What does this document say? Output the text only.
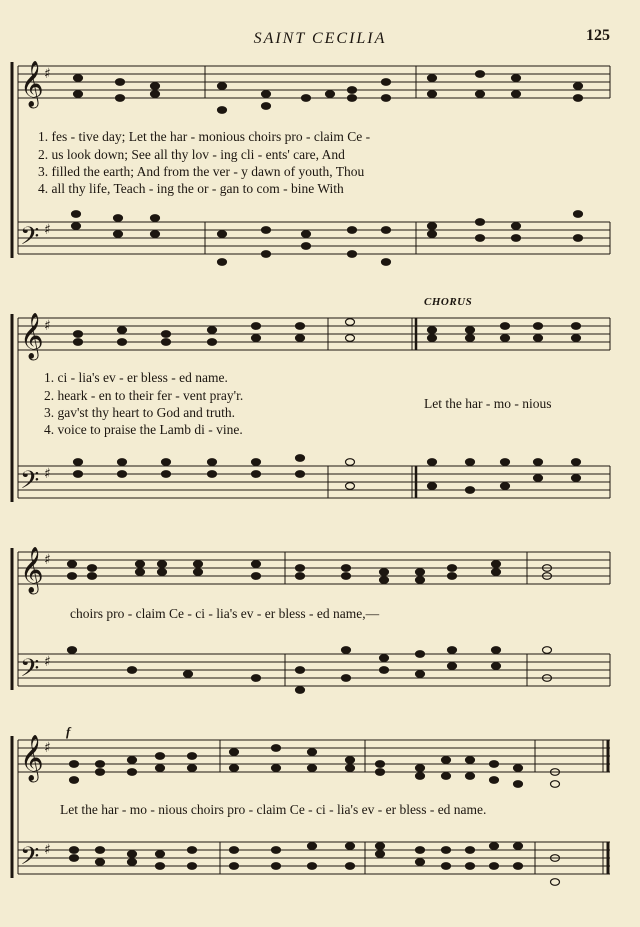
SAINT CECILIA	125
𝄞
𝄢
𝄞
𝄢
𝄞
𝄢
𝄞
𝄢
♯
♯
♯
♯
♯
♯
♯
♯
1. fes - tive day; Let the har - monious choirs pro - claim Ce -
2. us look down; See all thy lov - ing cli - ents' care, And
3. filled the earth; And from the ver - y dawn of youth, Thou
4. all thy life, Teach - ing the or - gan to com - bine With
CHORUS
1. ci - lia's ev - er bless - ed name.
2. heark - en to their fer - vent pray'r.
3. gav'st thy heart to God and truth.
4. voice to praise the Lamb di - vine.
Let the har - mo - nious
choirs pro - claim Ce - ci - lia's ev - er bless - ed name,—
f
Let the har - mo - nious choirs pro - claim Ce - ci - lia's ev - er bless - ed name.
